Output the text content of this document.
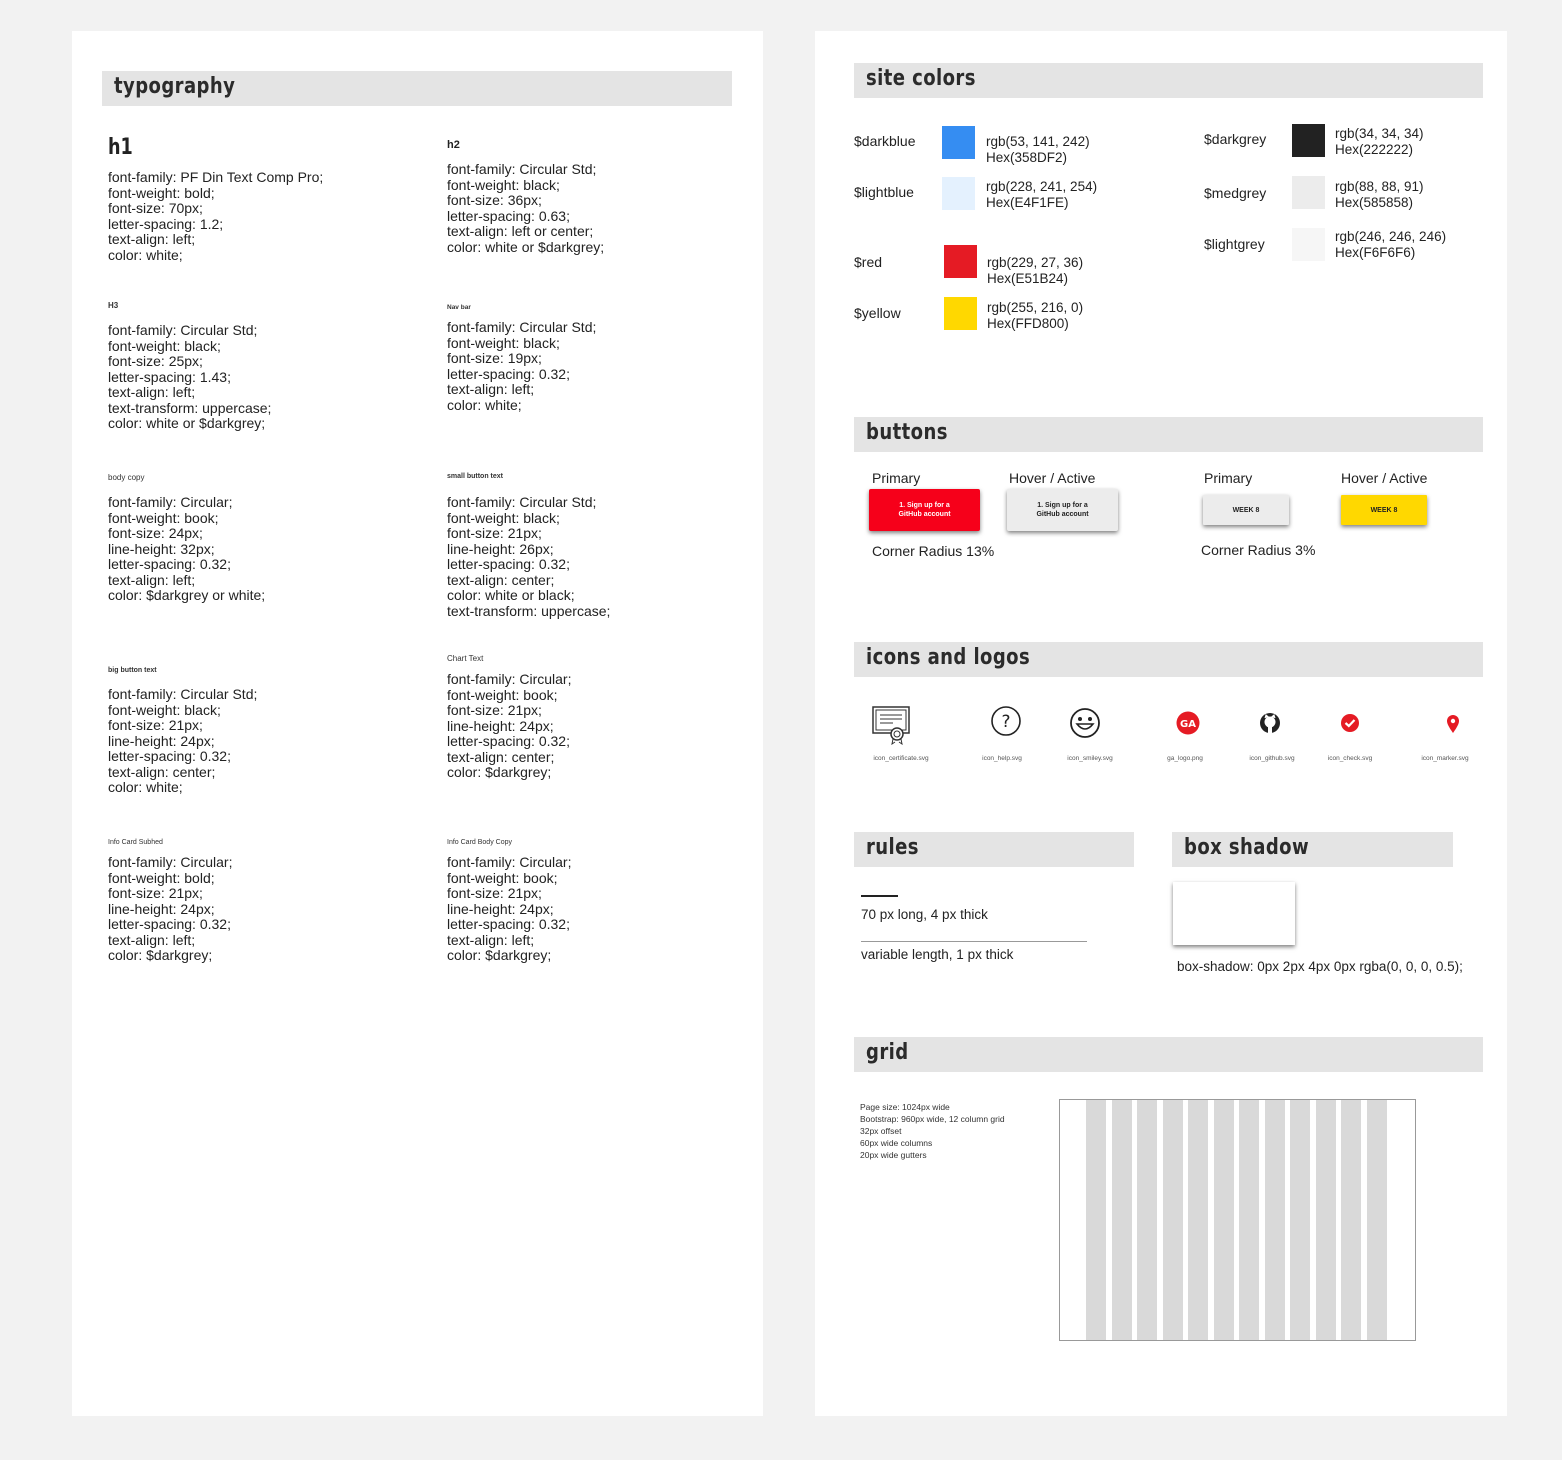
typography
h1
font-family: PF Din Text Comp Pro;
font-weight: bold;
font-size: 70px;
letter-spacing: 1.2;
text-align: left;
color: white;
h2
font-family: Circular Std;
font-weight: black;
font-size: 36px;
letter-spacing: 0.63;
text-align: left or center;
color: white or $darkgrey;
H3
font-family: Circular Std;
font-weight: black;
font-size: 25px;
letter-spacing: 1.43;
text-align: left;
text-transform: uppercase;
color: white or $darkgrey;
Nav bar
font-family: Circular Std;
font-weight: black;
font-size: 19px;
letter-spacing: 0.32;
text-align: left;
color: white;
body copy
font-family: Circular;
font-weight: book;
font-size: 24px;
line-height: 32px;
letter-spacing: 0.32;
text-align: left;
color: $darkgrey or white;
small button text
font-family: Circular Std;
font-weight: black;
font-size: 21px;
line-height: 26px;
letter-spacing: 0.32;
text-align: center;
color: white or black;
text-transform: uppercase;
big button text
font-family: Circular Std;
font-weight: black;
font-size: 21px;
line-height: 24px;
letter-spacing: 0.32;
text-align: center;
color: white;
Chart Text
font-family: Circular;
font-weight: book;
font-size: 21px;
line-height: 24px;
letter-spacing: 0.32;
text-align: center;
color: $darkgrey;
Info Card Subhed
font-family: Circular;
font-weight: bold;
font-size: 21px;
line-height: 24px;
letter-spacing: 0.32;
text-align: left;
color: $darkgrey;
Info Card Body Copy
font-family: Circular;
font-weight: book;
font-size: 21px;
line-height: 24px;
letter-spacing: 0.32;
text-align: left;
color: $darkgrey;
site colors
$darkblue	rgb(53, 141, 242)
Hex(358DF2)
$lightblue	rgb(228, 241, 254)
Hex(E4F1FE)
$red	rgb(229, 27, 36)
Hex(E51B24)
$yellow	rgb(255, 216, 0)
Hex(FFD800)
$darkgrey	rgb(34, 34, 34)
Hex(222222)
$medgrey	rgb(88, 88, 91)
Hex(585858)
$lightgrey	rgb(246, 246, 246)
Hex(F6F6F6)
buttons
Primary	Hover / Active
1. Sign up for a
GitHub account
1. Sign up for a
GitHub account
Corner Radius 13%
Primary	Hover / Active
WEEK 8	WEEK 8
Corner Radius 3%
icons and logos
?	GA
icon_certificate.svg	icon_help.svg	icon_smiley.svg	ga_logo.png	icon_github.svg	icon_check.svg	icon_marker.svg
rules
70 px long, 4 px thick
variable length, 1 px thick
box shadow
box-shadow: 0px 2px 4px 0px rgba(0, 0, 0, 0.5);
grid
Page size: 1024px wide
Bootstrap: 960px wide, 12 column grid
32px offset
60px wide columns
20px wide gutters
